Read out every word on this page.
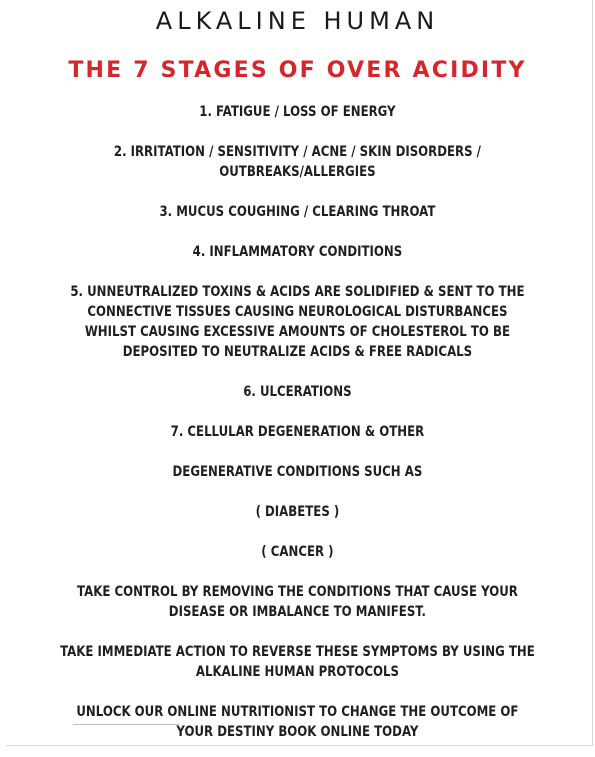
ALKALINE HUMAN
THE 7 STAGES OF OVER ACIDITY
1. FATIGUE / LOSS OF ENERGY
2. IRRITATION / SENSITIVITY / ACNE / SKIN DISORDERS /
OUTBREAKS/ALLERGIES
3. MUCUS COUGHING / CLEARING THROAT
4. INFLAMMATORY CONDITIONS
5. UNNEUTRALIZED TOXINS & ACIDS ARE SOLIDIFIED & SENT TO THE
CONNECTIVE TISSUES CAUSING NEUROLOGICAL DISTURBANCES
WHILST CAUSING EXCESSIVE AMOUNTS OF CHOLESTEROL TO BE
DEPOSITED TO NEUTRALIZE ACIDS & FREE RADICALS
6. ULCERATIONS
7. CELLULAR DEGENERATION & OTHER
DEGENERATIVE CONDITIONS SUCH AS
( DIABETES )
( CANCER )
TAKE CONTROL BY REMOVING THE CONDITIONS THAT CAUSE YOUR
DISEASE OR IMBALANCE TO MANIFEST.
TAKE IMMEDIATE ACTION TO REVERSE THESE SYMPTOMS BY USING THE
ALKALINE HUMAN PROTOCOLS
UNLOCK OUR ONLINE NUTRITIONIST TO CHANGE THE OUTCOME OF
YOUR DESTINY BOOK ONLINE TODAY
